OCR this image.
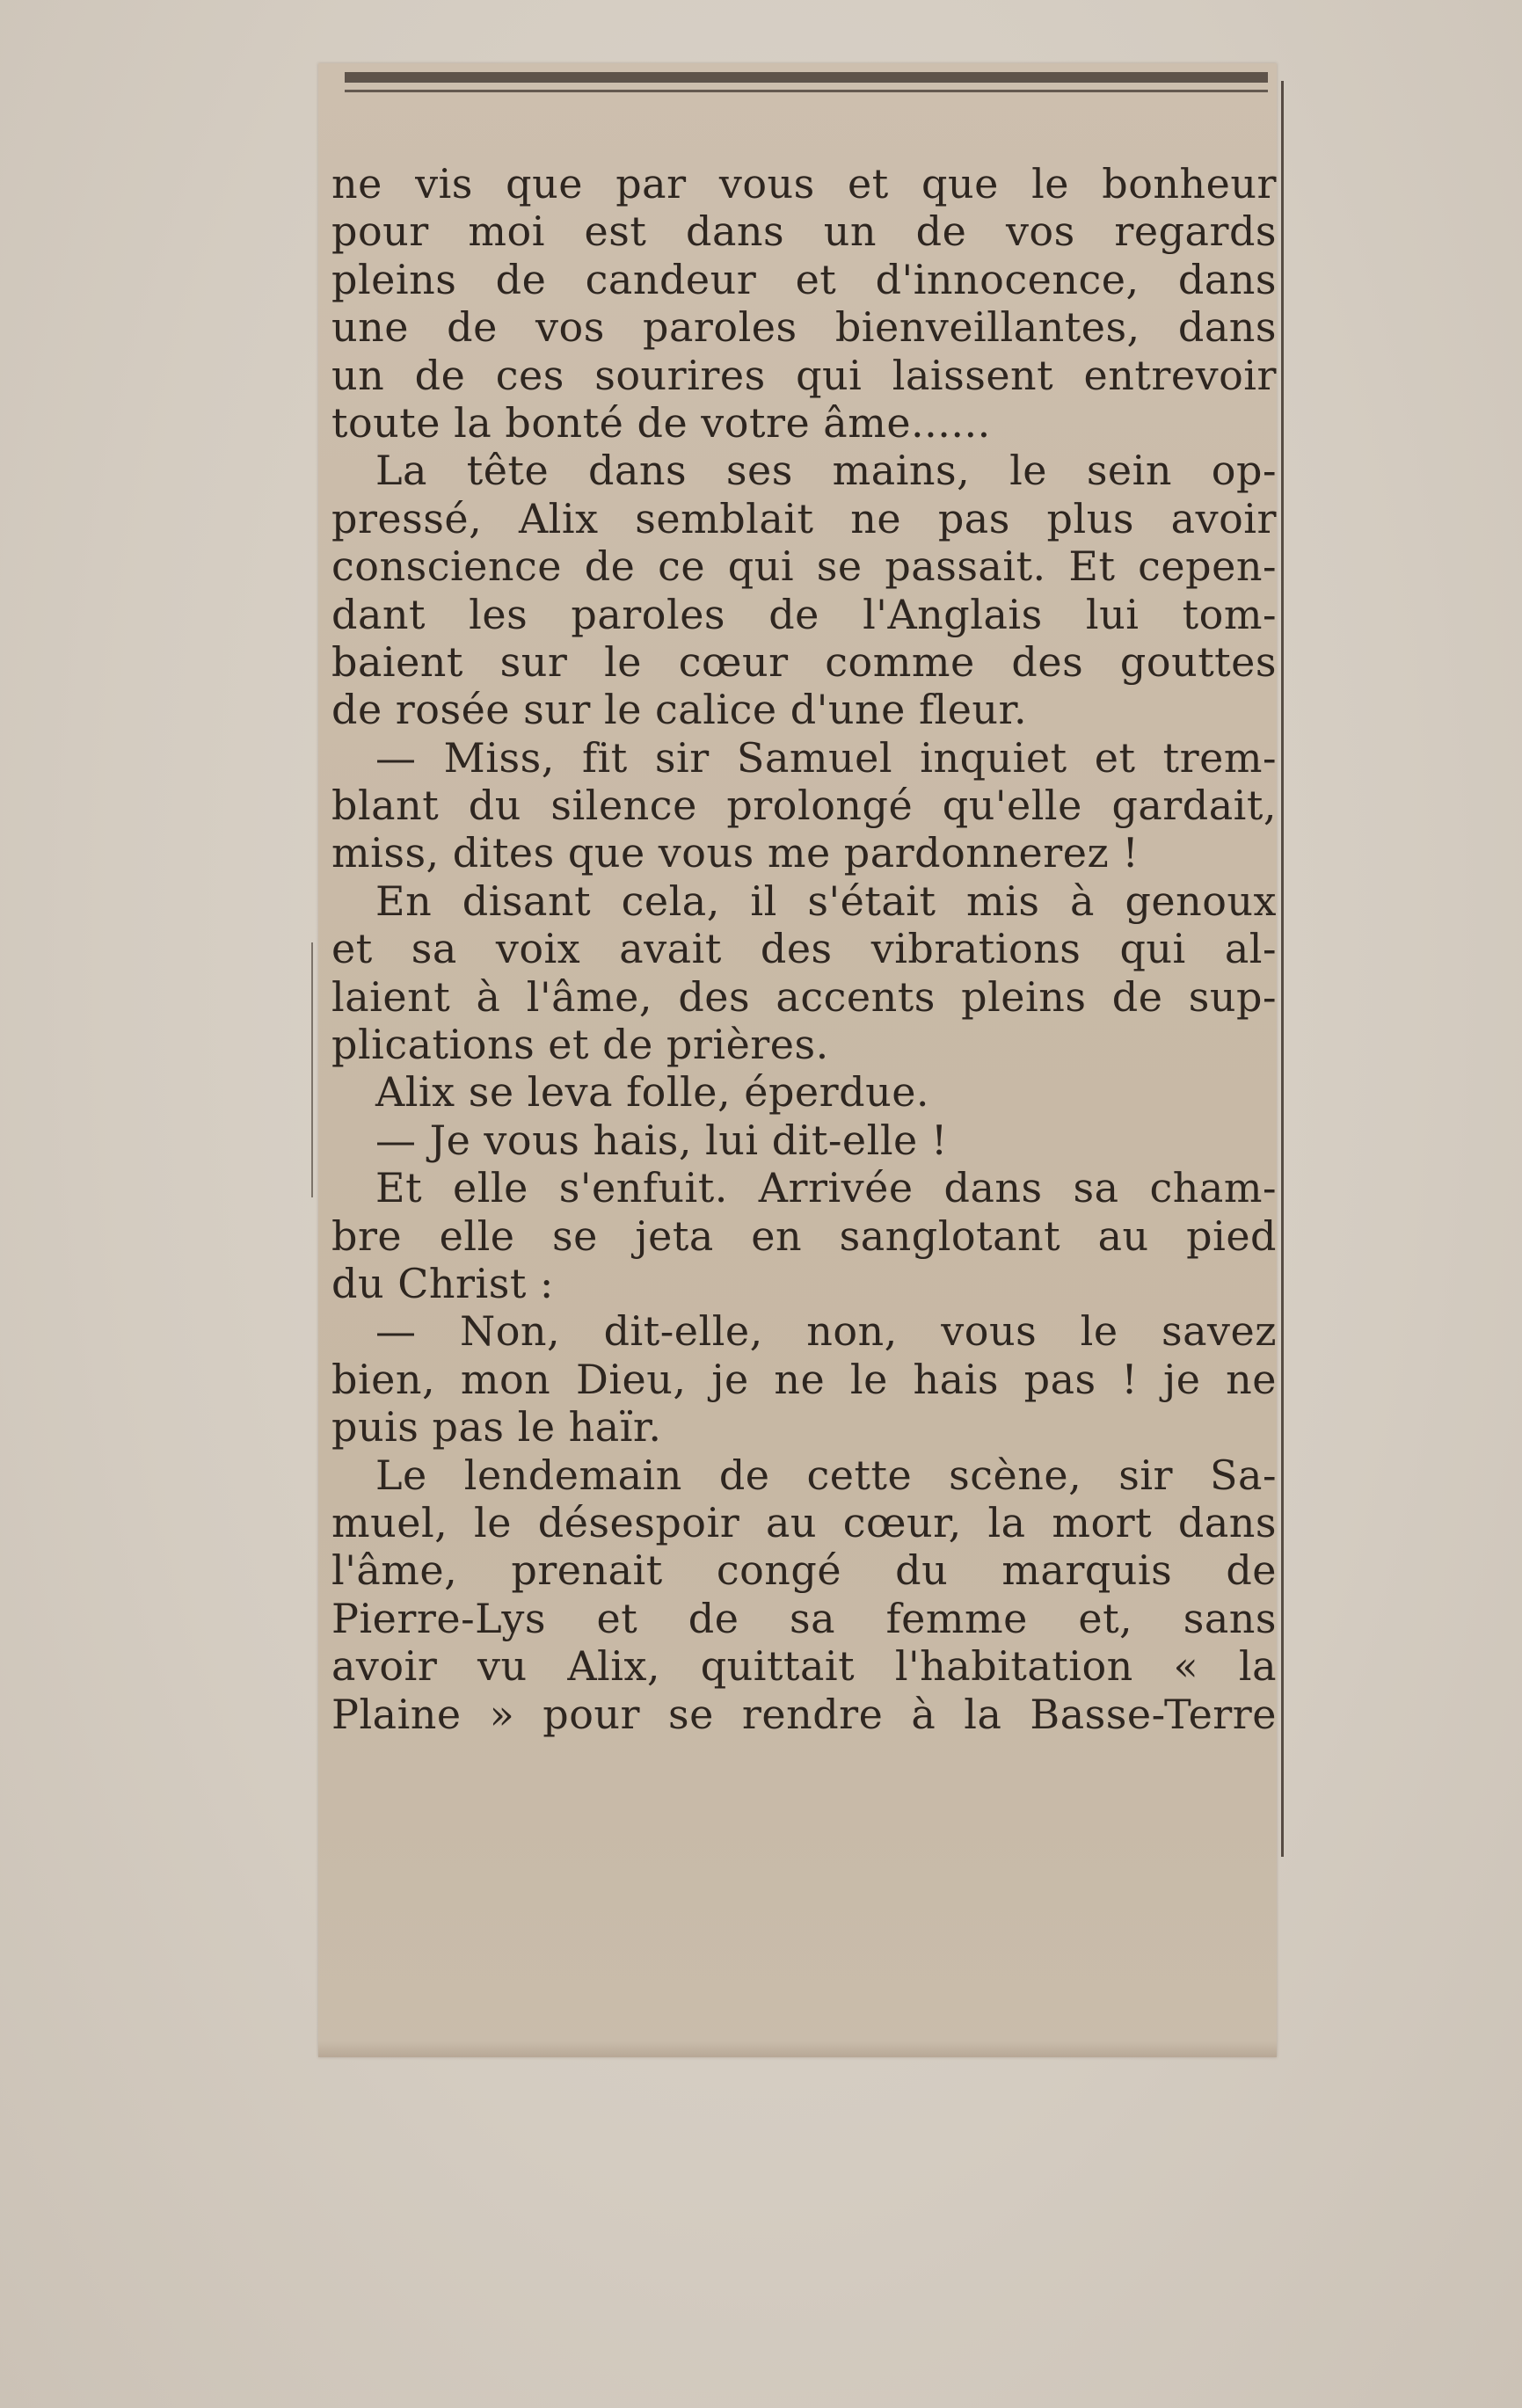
ne vis que par vous et que le bonheur
pour moi est dans un de vos regards
pleins de candeur et d'innocence, dans
une de vos paroles bienveillantes, dans
un de ces sourires qui laissent entrevoir
toute la bonté de votre âme......
La tête dans ses mains, le sein op-
pressé, Alix semblait ne pas plus avoir
conscience de ce qui se passait. Et cepen-
dant les paroles de l'Anglais lui tom-
baient sur le cœur comme des gouttes
de rosée sur le calice d'une fleur.
— Miss, fit sir Samuel inquiet et trem-
blant du silence prolongé qu'elle gardait,
miss, dites que vous me pardonnerez !
En disant cela, il s'était mis à genoux
et sa voix avait des vibrations qui al-
laient à l'âme, des accents pleins de sup-
plications et de prières.
Alix se leva folle, éperdue.
— Je vous hais, lui dit-elle !
Et elle s'enfuit. Arrivée dans sa cham-
bre elle se jeta en sanglotant au pied
du Christ :
— Non, dit-elle, non, vous le savez
bien, mon Dieu, je ne le hais pas ! je ne
puis pas le haïr.
Le lendemain de cette scène, sir Sa-
muel, le désespoir au cœur, la mort dans
l'âme, prenait congé du marquis de
Pierre-Lys et de sa femme et, sans
avoir vu Alix, quittait l'habitation « la
Plaine » pour se rendre à la Basse-Terre
